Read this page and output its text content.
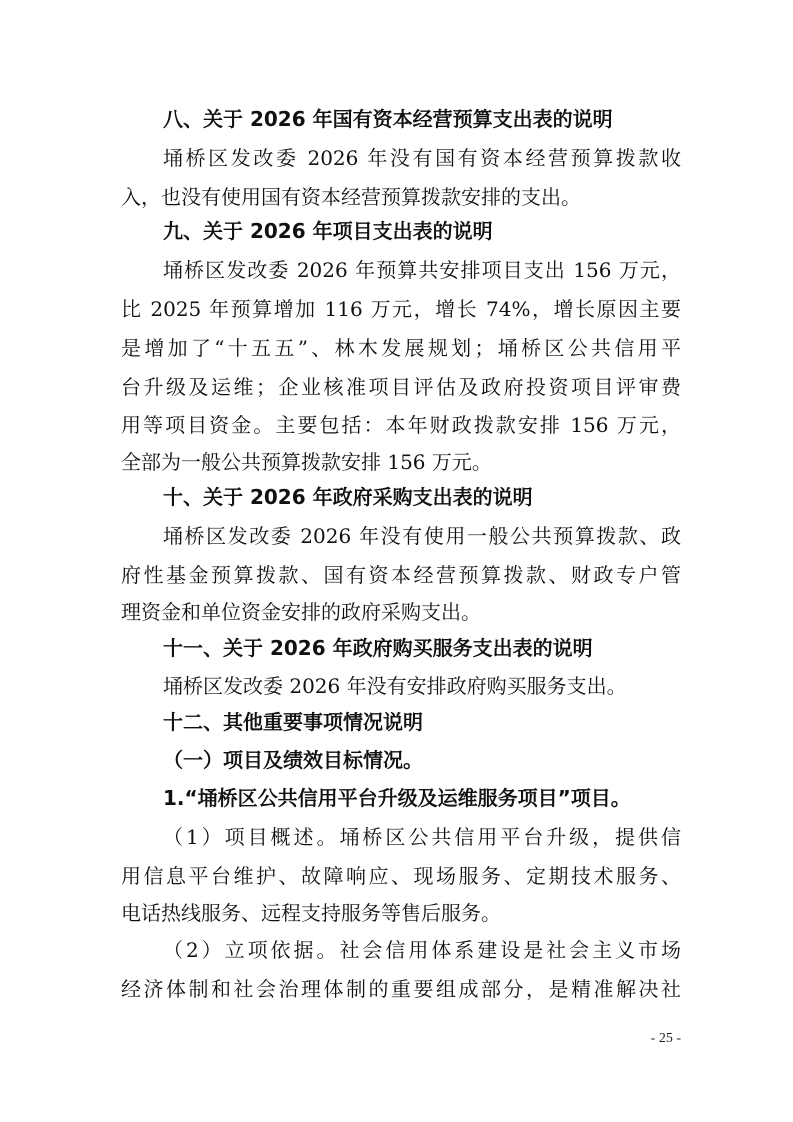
八、关于 2026 年国有资本经营预算支出表的说明
埇桥区发改委 2026 年没有国有资本经营预算拨款收
入，也没有使用国有资本经营预算拨款安排的支出。
九、关于 2026 年项目支出表的说明
埇桥区发改委 2026 年预算共安排项目支出 156 万元，
比 2025 年预算增加 116 万元，增长 74%，增长原因主要
是增加了“十五五”、林木发展规划；埇桥区公共信用平
台升级及运维；企业核准项目评估及政府投资项目评审费
用等项目资金。主要包括：本年财政拨款安排 156 万元，
全部为一般公共预算拨款安排 156 万元。
十、关于 2026 年政府采购支出表的说明
埇桥区发改委 2026 年没有使用一般公共预算拨款、政
府性基金预算拨款、国有资本经营预算拨款、财政专户管
理资金和单位资金安排的政府采购支出。
十一、关于 2026 年政府购买服务支出表的说明
埇桥区发改委 2026 年没有安排政府购买服务支出。
十二、其他重要事项情况说明
（一）项目及绩效目标情况。
1.“埇桥区公共信用平台升级及运维服务项目”项目。
（1）项目概述。埇桥区公共信用平台升级，提供信
用信息平台维护、故障响应、现场服务、定期技术服务、
电话热线服务、远程支持服务等售后服务。
（2）立项依据。社会信用体系建设是社会主义市场
经济体制和社会治理体制的重要组成部分，是精准解决社
- 25 -
